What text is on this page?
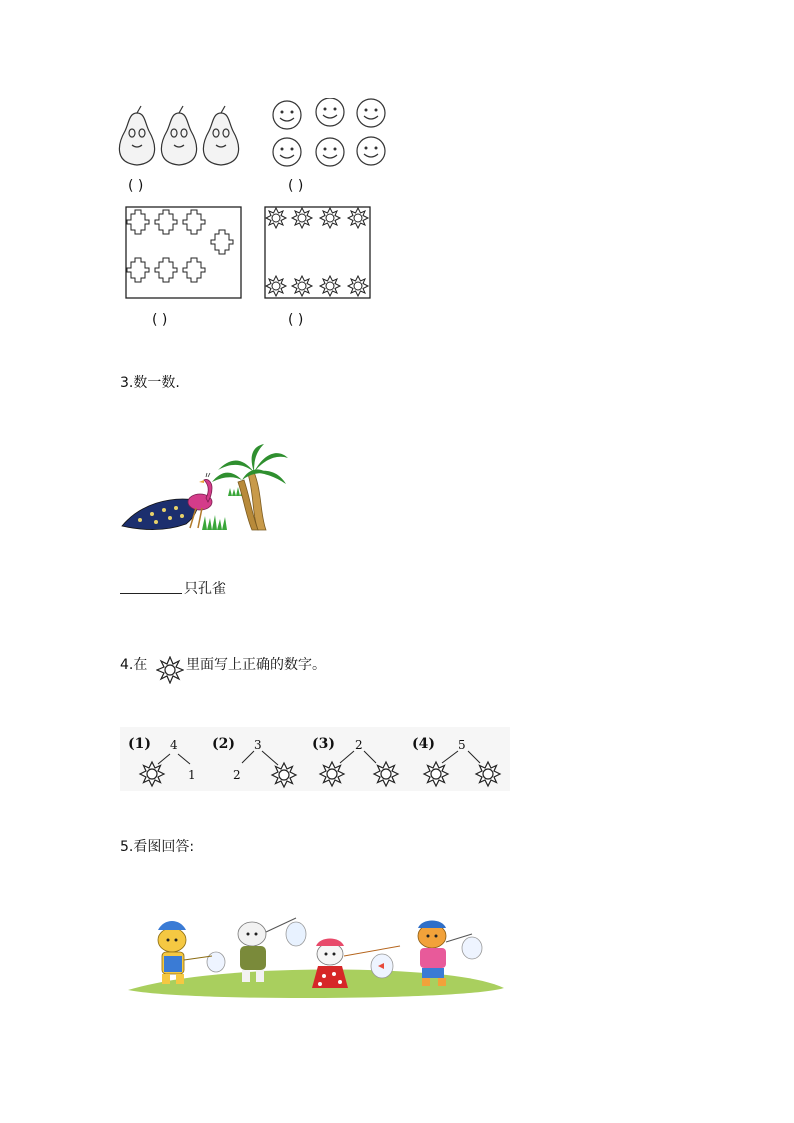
( )	( )
( )	( )
3.数一数.
只孔雀
4.在	里面写上正确的数字。
(1) 4
1
(2) 3
2
(3) 2	(4) 5
5.看图回答:
